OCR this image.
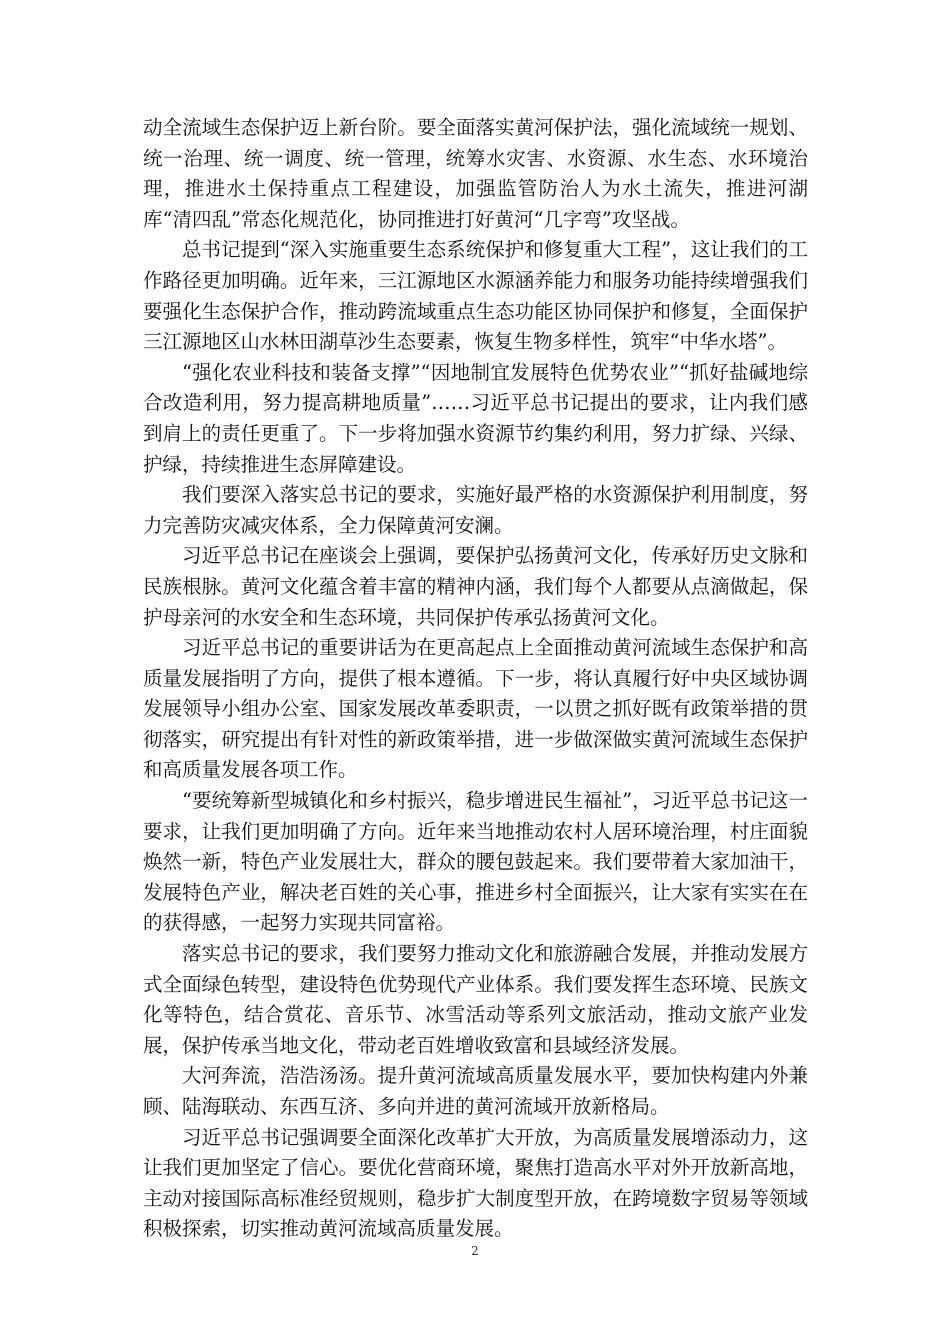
动全流域生态保护迈上新台阶。要全面落实黄河保护法，强化流域统一规划、统一治理、统一调度、统一管理，统筹水灾害、水资源、水生态、水环境治理，推进水土保持重点工程建设，加强监管防治人为水土流失，推进河湖库“清四乱”常态化规范化，协同推进打好黄河“几字弯”攻坚战。

总书记提到“深入实施重要生态系统保护和修复重大工程”，这让我们的工作路径更加明确。近年来，三江源地区水源涵养能力和服务功能持续增强我们要强化生态保护合作，推动跨流域重点生态功能区协同保护和修复，全面保护三江源地区山水林田湖草沙生态要素，恢复生物多样性，筑牢“中华水塔”。

“强化农业科技和装备支撑”“因地制宜发展特色优势农业”“抓好盐碱地综合改造利用，努力提高耕地质量”……习近平总书记提出的要求，让内我们感到肩上的责任更重了。下一步将加强水资源节约集约利用，努力扩绿、兴绿、护绿，持续推进生态屏障建设。

我们要深入落实总书记的要求，实施好最严格的水资源保护利用制度，努力完善防灾减灾体系，全力保障黄河安澜。

习近平总书记在座谈会上强调，要保护弘扬黄河文化，传承好历史文脉和民族根脉。黄河文化蕴含着丰富的精神内涵，我们每个人都要从点滴做起，保护母亲河的水安全和生态环境，共同保护传承弘扬黄河文化。

习近平总书记的重要讲话为在更高起点上全面推动黄河流域生态保护和高质量发展指明了方向，提供了根本遵循。下一步，将认真履行好中央区域协调发展领导小组办公室、国家发展改革委职责，一以贯之抓好既有政策举措的贯彻落实，研究提出有针对性的新政策举措，进一步做深做实黄河流域生态保护和高质量发展各项工作。

“要统筹新型城镇化和乡村振兴，稳步增进民生福祉”，习近平总书记这一要求，让我们更加明确了方向。近年来当地推动农村人居环境治理，村庄面貌焕然一新，特色产业发展壮大，群众的腰包鼓起来。我们要带着大家加油干，发展特色产业，解决老百姓的关心事，推进乡村全面振兴，让大家有实实在在的获得感，一起努力实现共同富裕。

落实总书记的要求，我们要努力推动文化和旅游融合发展，并推动发展方式全面绿色转型，建设特色优势现代产业体系。我们要发挥生态环境、民族文化等特色，结合赏花、音乐节、冰雪活动等系列文旅活动，推动文旅产业发展，保护传承当地文化，带动老百姓增收致富和县域经济发展。

大河奔流，浩浩汤汤。提升黄河流域高质量发展水平，要加快构建内外兼顾、陆海联动、东西互济、多向并进的黄河流域开放新格局。

习近平总书记强调要全面深化改革扩大开放，为高质量发展增添动力，这让我们更加坚定了信心。要优化营商环境，聚焦打造高水平对外开放新高地，主动对接国际高标准经贸规则，稳步扩大制度型开放，在跨境数字贸易等领域积极探索，切实推动黄河流域高质量发展。

2
